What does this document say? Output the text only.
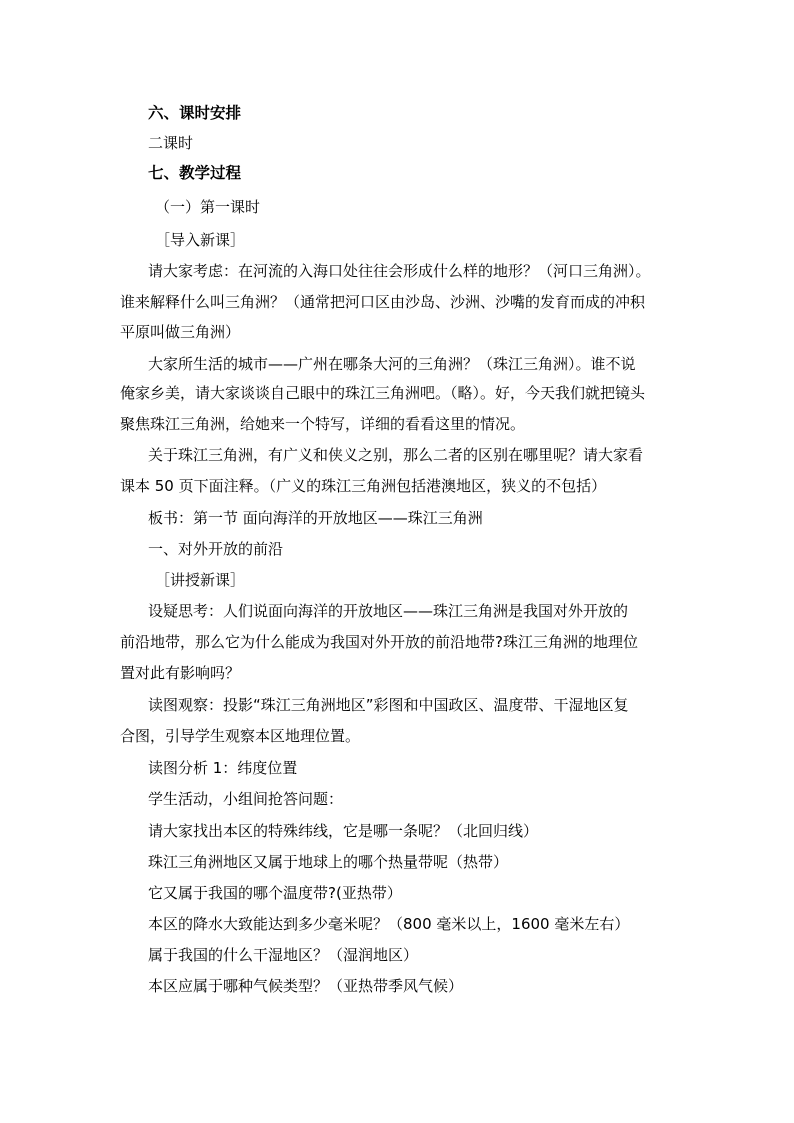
六、课时安排
二课时
七、教学过程
（一）第一课时
［导入新课］
请大家考虑：在河流的入海口处往往会形成什么样的地形？（河口三角洲）。
谁来解释什么叫三角洲？（通常把河口区由沙岛、沙洲、沙嘴的发育而成的冲积
平原叫做三角洲）
大家所生活的城市——广州在哪条大河的三角洲？（珠江三角洲）。谁不说
俺家乡美，请大家谈谈自己眼中的珠江三角洲吧。（略）。好，今天我们就把镜头
聚焦珠江三角洲，给她来一个特写，详细的看看这里的情况。
关于珠江三角洲，有广义和侠义之别，那么二者的区别在哪里呢？请大家看
课本 50 页下面注释。（广义的珠江三角洲包括港澳地区，狭义的不包括）
板书：第一节 面向海洋的开放地区——珠江三角洲
一、对外开放的前沿
［讲授新课］
设疑思考：人们说面向海洋的开放地区——珠江三角洲是我国对外开放的
前沿地带，那么它为什么能成为我国对外开放的前沿地带?珠江三角洲的地理位
置对此有影响吗？
读图观察：投影“珠江三角洲地区”彩图和中国政区、温度带、干湿地区复
合图，引导学生观察本区地理位置。
读图分析 1：纬度位置
学生活动，小组间抢答问题：
请大家找出本区的特殊纬线，它是哪一条呢？（北回归线）
珠江三角洲地区又属于地球上的哪个热量带呢（热带）
它又属于我国的哪个温度带?(亚热带）
本区的降水大致能达到多少毫米呢？（800 毫米以上，1600 毫米左右）
属于我国的什么干湿地区？（湿润地区）
本区应属于哪种气候类型？（亚热带季风气候）
